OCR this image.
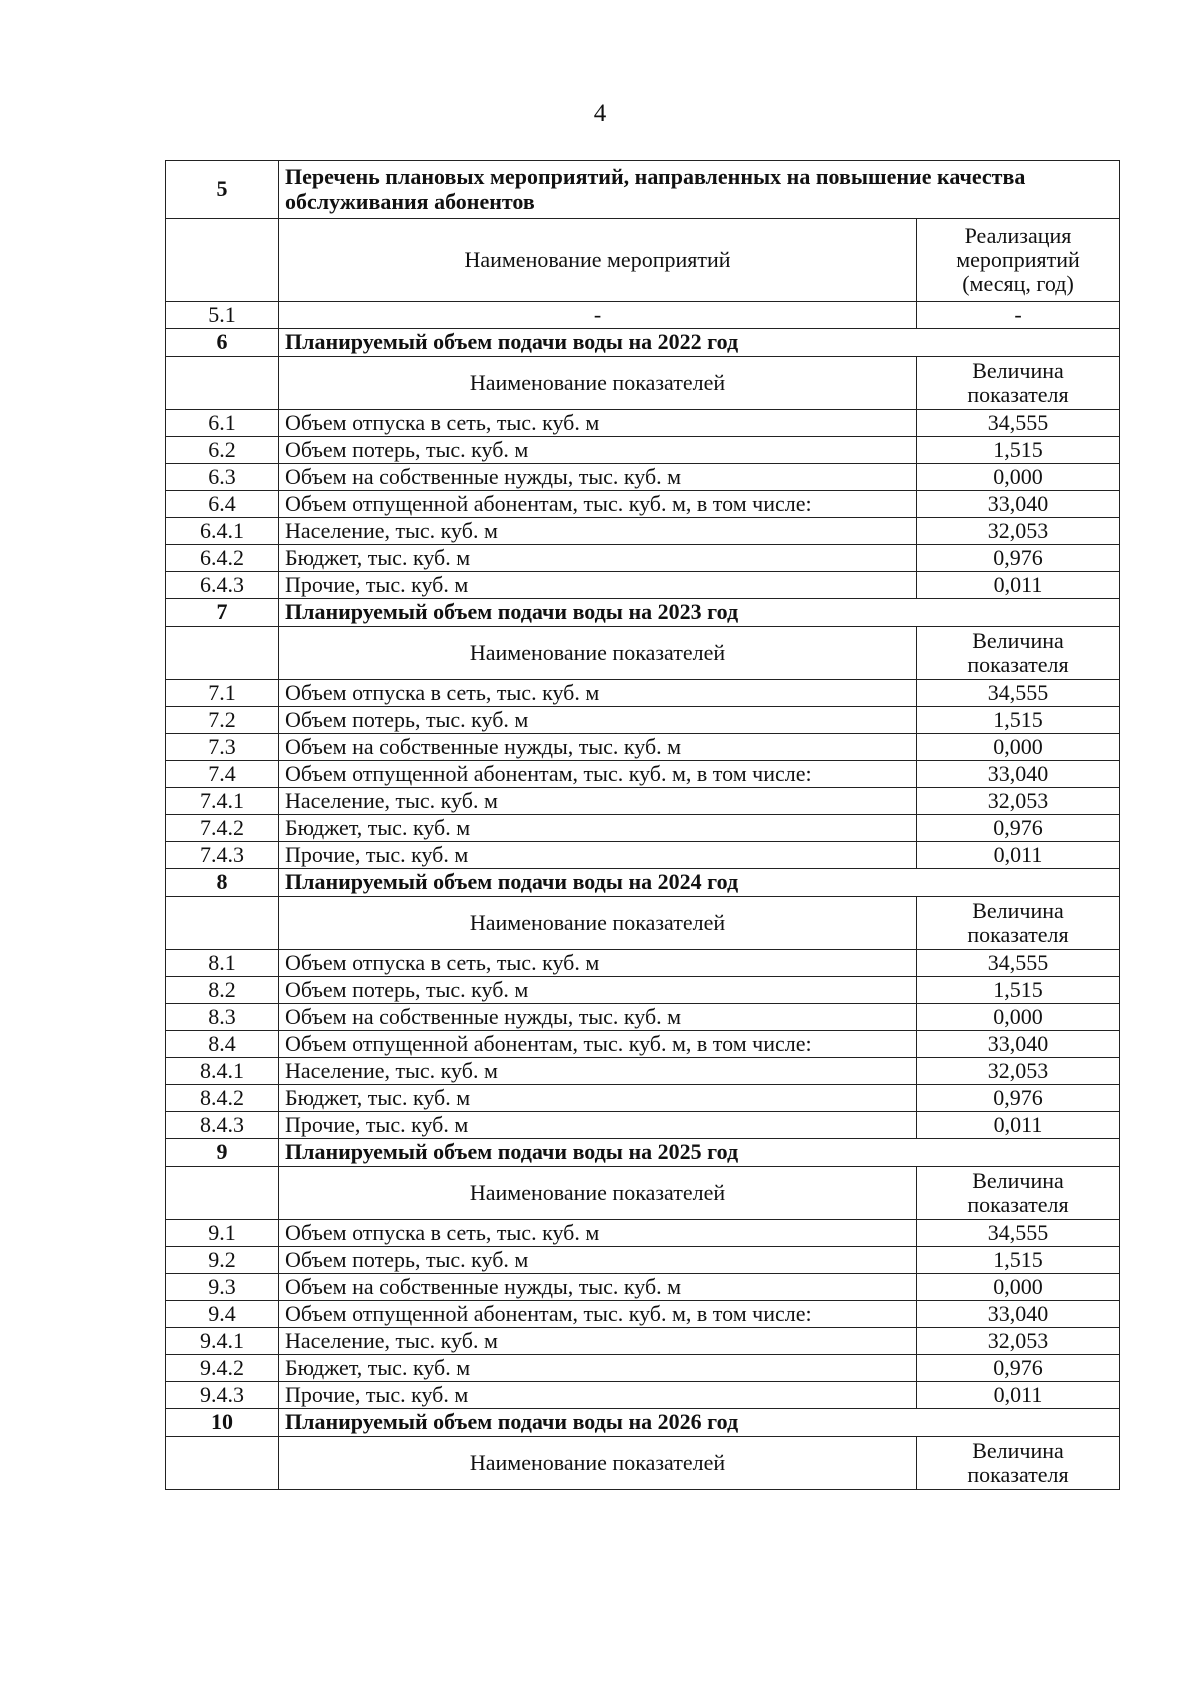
4
5	Перечень плановых мероприятий, направленных на повышение качества обслуживания абонентов	
	Наименование мероприятий	Реализация мероприятий (месяц, год)
5.1	-	-
6	Планируемый объем подачи воды на 2022 год	
	Наименование показателей	Величина показателя
6.1	Объем отпуска в сеть, тыс. куб. м	34,555
6.2	Объем потерь, тыс. куб. м	1,515
6.3	Объем на собственные нужды, тыс. куб. м	0,000
6.4	Объем отпущенной абонентам, тыс. куб. м, в том числе:	33,040
6.4.1	Население, тыс. куб. м	32,053
6.4.2	Бюджет, тыс. куб. м	0,976
6.4.3	Прочие, тыс. куб. м	0,011
7	Планируемый объем подачи воды на 2023 год	
	Наименование показателей	Величина показателя
7.1	Объем отпуска в сеть, тыс. куб. м	34,555
7.2	Объем потерь, тыс. куб. м	1,515
7.3	Объем на собственные нужды, тыс. куб. м	0,000
7.4	Объем отпущенной абонентам, тыс. куб. м, в том числе:	33,040
7.4.1	Население, тыс. куб. м	32,053
7.4.2	Бюджет, тыс. куб. м	0,976
7.4.3	Прочие, тыс. куб. м	0,011
8	Планируемый объем подачи воды на 2024 год	
	Наименование показателей	Величина показателя
8.1	Объем отпуска в сеть, тыс. куб. м	34,555
8.2	Объем потерь, тыс. куб. м	1,515
8.3	Объем на собственные нужды, тыс. куб. м	0,000
8.4	Объем отпущенной абонентам, тыс. куб. м, в том числе:	33,040
8.4.1	Население, тыс. куб. м	32,053
8.4.2	Бюджет, тыс. куб. м	0,976
8.4.3	Прочие, тыс. куб. м	0,011
9	Планируемый объем подачи воды на 2025 год	
	Наименование показателей	Величина показателя
9.1	Объем отпуска в сеть, тыс. куб. м	34,555
9.2	Объем потерь, тыс. куб. м	1,515
9.3	Объем на собственные нужды, тыс. куб. м	0,000
9.4	Объем отпущенной абонентам, тыс. куб. м, в том числе:	33,040
9.4.1	Население, тыс. куб. м	32,053
9.4.2	Бюджет, тыс. куб. м	0,976
9.4.3	Прочие, тыс. куб. м	0,011
10	Планируемый объем подачи воды на 2026 год	
	Наименование показателей	Величина показателя
